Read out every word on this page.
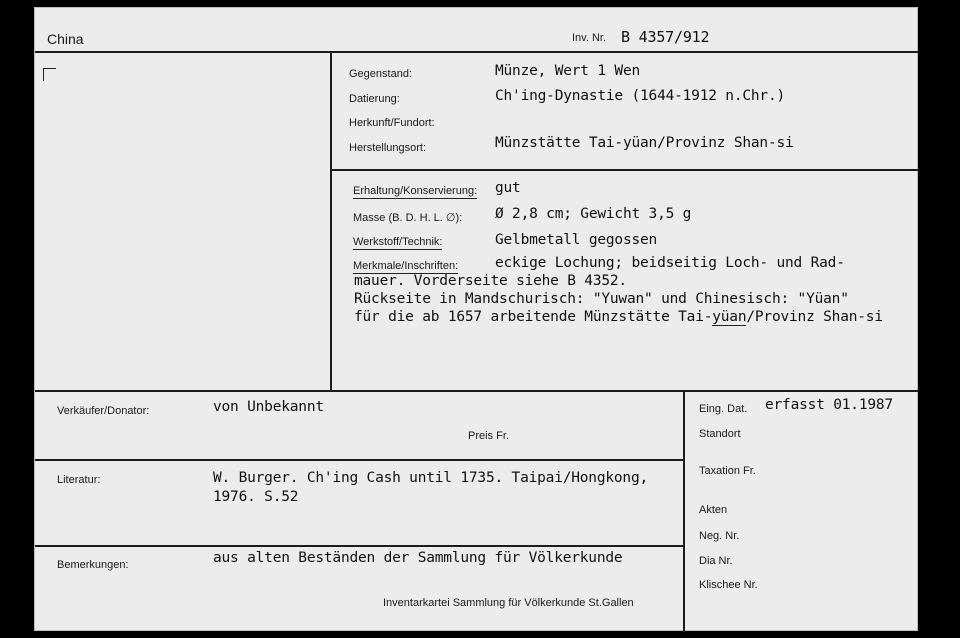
China	Inv. Nr. B 4357/912
Gegenstand:	Münze, Wert 1 Wen
Datierung:	Ch'ing-Dynastie (1644-1912 n.Chr.)
Herkunft/Fundort:
Herstellungsort:	Münzstätte Tai-yüan/Provinz Shan-si
Erhaltung/Konservierung: gut
Masse (B. D. H. L. ∅): Ø 2,8 cm; Gewicht 3,5 g
Werkstoff/Technik:	Gelbmetall gegossen
Merkmale/Inschriften:	eckige Lochung; beidseitig Loch- und Rad-
mauer. Vorderseite siehe B 4352.
Rückseite in Mandschurisch: "Yuwan" und Chinesisch: "Yüan"
für die ab 1657 arbeitende Münzstätte Tai-yüan/Provinz Shan-si
Verkäufer/Donator:	von Unbekannt
Preis Fr.
Literatur:	W. Burger. Ch'ing Cash until 1735. Taipai/Hongkong,
1976. S.52
Bemerkungen:	aus alten Beständen der Sammlung für Völkerkunde
Inventarkartei Sammlung für Völkerkunde St.Gallen
Eing. Dat. erfasst 01.1987
Standort
Taxation Fr.
Akten
Neg. Nr.
Dia Nr.
Klischee Nr.
